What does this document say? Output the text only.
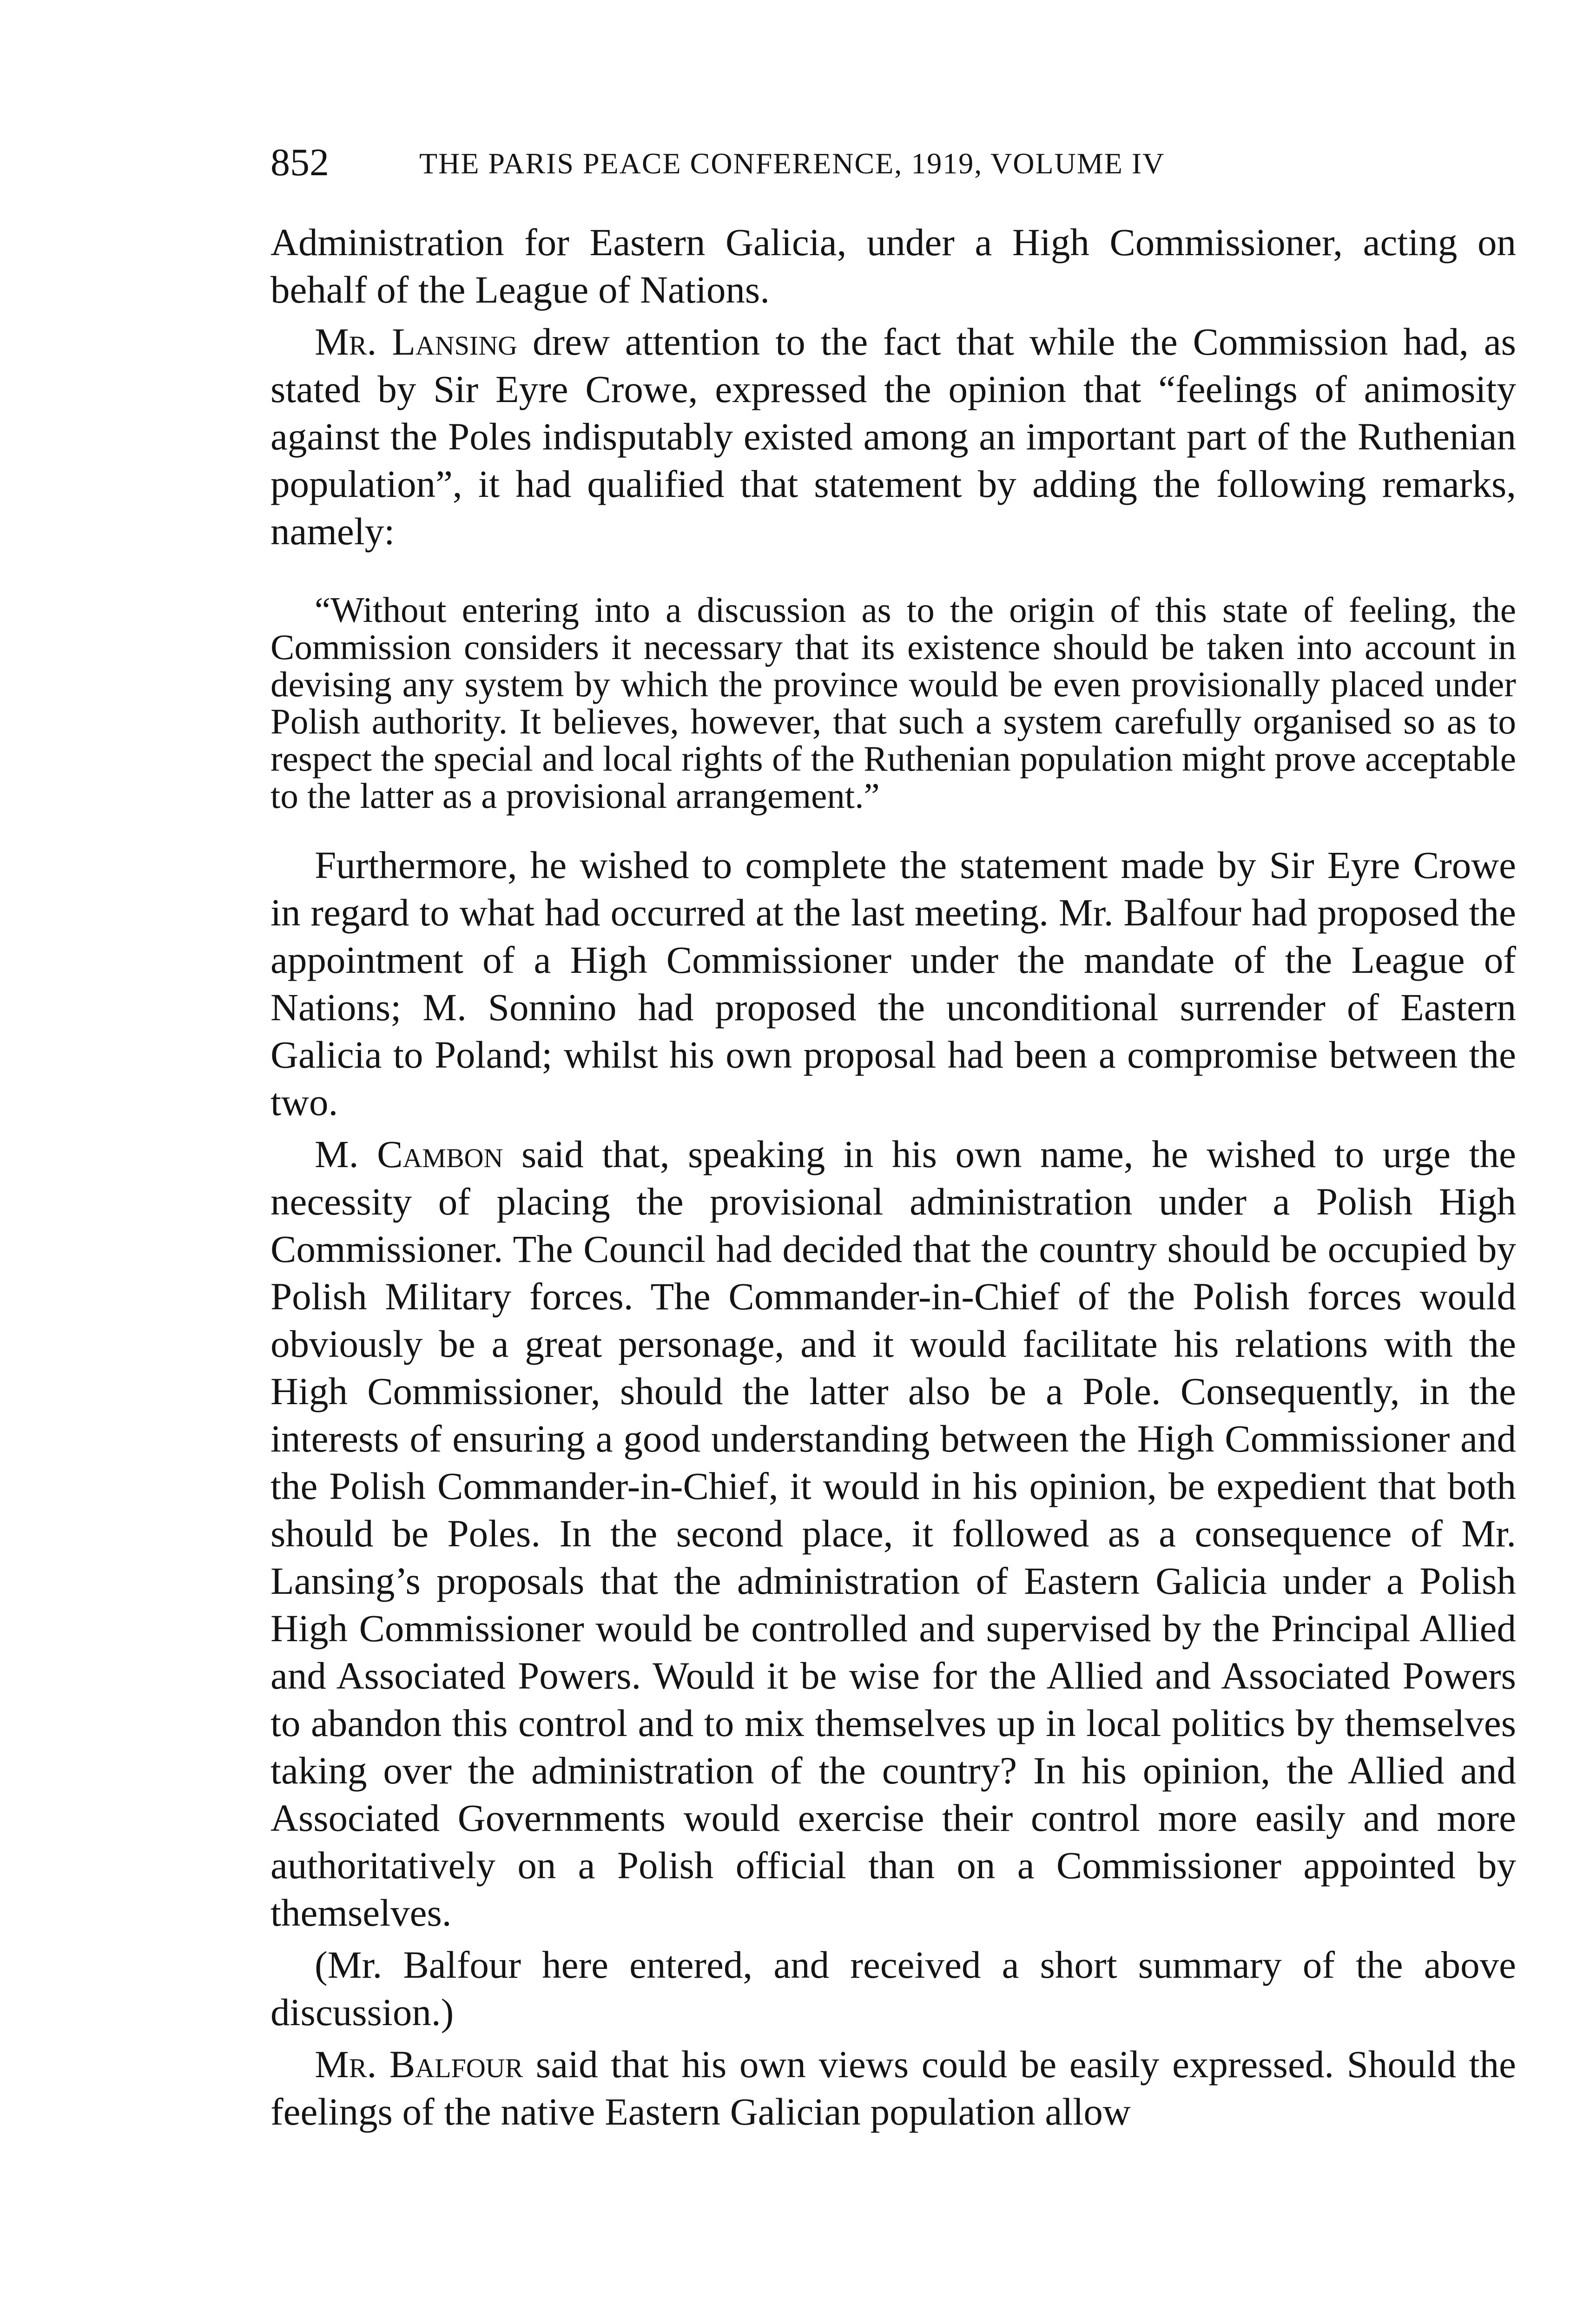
852	THE PARIS PEACE CONFERENCE, 1919, VOLUME IV

Administration for Eastern Galicia, under a High Commissioner, acting on behalf of the League of Nations.

Mr. Lansing drew attention to the fact that while the Commission had, as stated by Sir Eyre Crowe, expressed the opinion that “feelings of animosity against the Poles indisputably existed among an important part of the Ruthenian population”, it had qualified that statement by adding the following remarks, namely:

“Without entering into a discussion as to the origin of this state of feeling, the Commission considers it necessary that its existence should be taken into account in devising any system by which the province would be even provisionally placed under Polish authority. It believes, however, that such a system carefully organised so as to respect the special and local rights of the Ruthenian population might prove acceptable to the latter as a provisional arrangement.”

Furthermore, he wished to complete the statement made by Sir Eyre Crowe in regard to what had occurred at the last meeting. Mr. Balfour had proposed the appointment of a High Commissioner under the mandate of the League of Nations; M. Sonnino had proposed the unconditional surrender of Eastern Galicia to Poland; whilst his own proposal had been a compromise between the two.

M. Cambon said that, speaking in his own name, he wished to urge the necessity of placing the provisional administration under a Polish High Commissioner. The Council had decided that the country should be occupied by Polish Military forces. The Commander-in-Chief of the Polish forces would obviously be a great personage, and it would facilitate his relations with the High Commissioner, should the latter also be a Pole. Consequently, in the interests of ensuring a good understanding between the High Commissioner and the Polish Commander-in-Chief, it would in his opinion, be expedient that both should be Poles. In the second place, it followed as a consequence of Mr. Lansing’s proposals that the administration of Eastern Galicia under a Polish High Commissioner would be controlled and supervised by the Principal Allied and Associated Powers. Would it be wise for the Allied and Associated Powers to abandon this control and to mix themselves up in local politics by themselves taking over the administration of the country? In his opinion, the Allied and Associated Governments would exercise their control more easily and more authoritatively on a Polish official than on a Commissioner appointed by themselves.

(Mr. Balfour here entered, and received a short summary of the above discussion.)

Mr. Balfour said that his own views could be easily expressed. Should the feelings of the native Eastern Galician population allow
